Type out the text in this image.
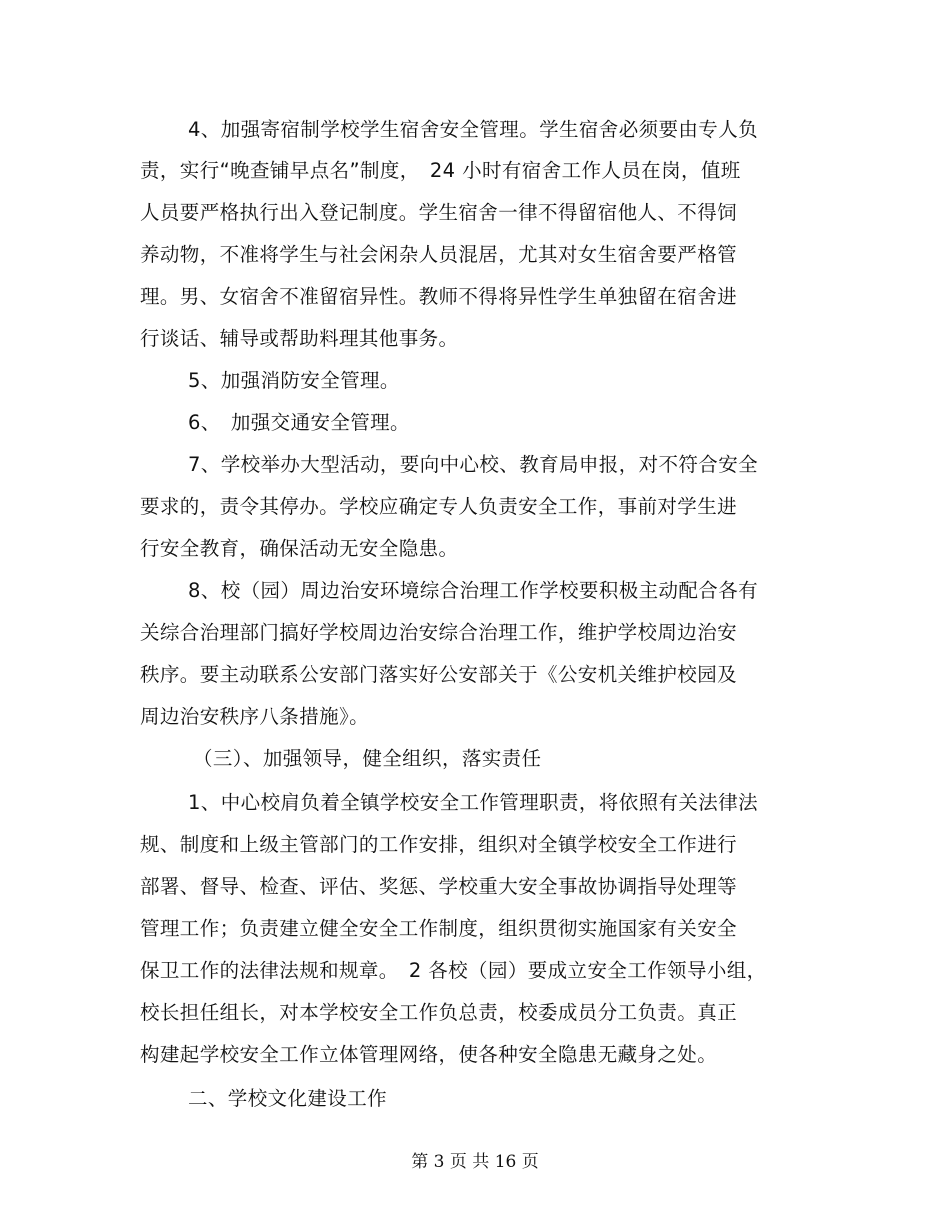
4、加强寄宿制学校学生宿舍安全管理。学生宿舍必须要由专人负
责，实行“晚查铺早点名”制度，　24 小时有宿舍工作人员在岗，值班
人员要严格执行出入登记制度。学生宿舍一律不得留宿他人、不得饲
养动物，不准将学生与社会闲杂人员混居，尤其对女生宿舍要严格管
理。男、女宿舍不准留宿异性。教师不得将异性学生单独留在宿舍进
行谈话、辅导或帮助料理其他事务。
5、加强消防安全管理。
6、　加强交通安全管理。
7、学校举办大型活动，要向中心校、教育局申报，对不符合安全
要求的，责令其停办。学校应确定专人负责安全工作，事前对学生进
行安全教育，确保活动无安全隐患。
8、校（园）周边治安环境综合治理工作学校要积极主动配合各有
关综合治理部门搞好学校周边治安综合治理工作，维护学校周边治安
秩序。要主动联系公安部门落实好公安部关于《公安机关维护校园及
周边治安秩序八条措施》。
（三）、加强领导，健全组织，落实责任
1、中心校肩负着全镇学校安全工作管理职责，将依照有关法律法
规、制度和上级主管部门的工作安排，组织对全镇学校安全工作进行
部署、督导、检查、评估、奖惩、学校重大安全事故协调指导处理等
管理工作；负责建立健全安全工作制度，组织贯彻实施国家有关安全
保卫工作的法律法规和规章。　2 各校（园）要成立安全工作领导小组，
校长担任组长，对本学校安全工作负总责，校委成员分工负责。真正
构建起学校安全工作立体管理网络，使各种安全隐患无藏身之处。
二、学校文化建设工作
第 3 页 共 16 页
